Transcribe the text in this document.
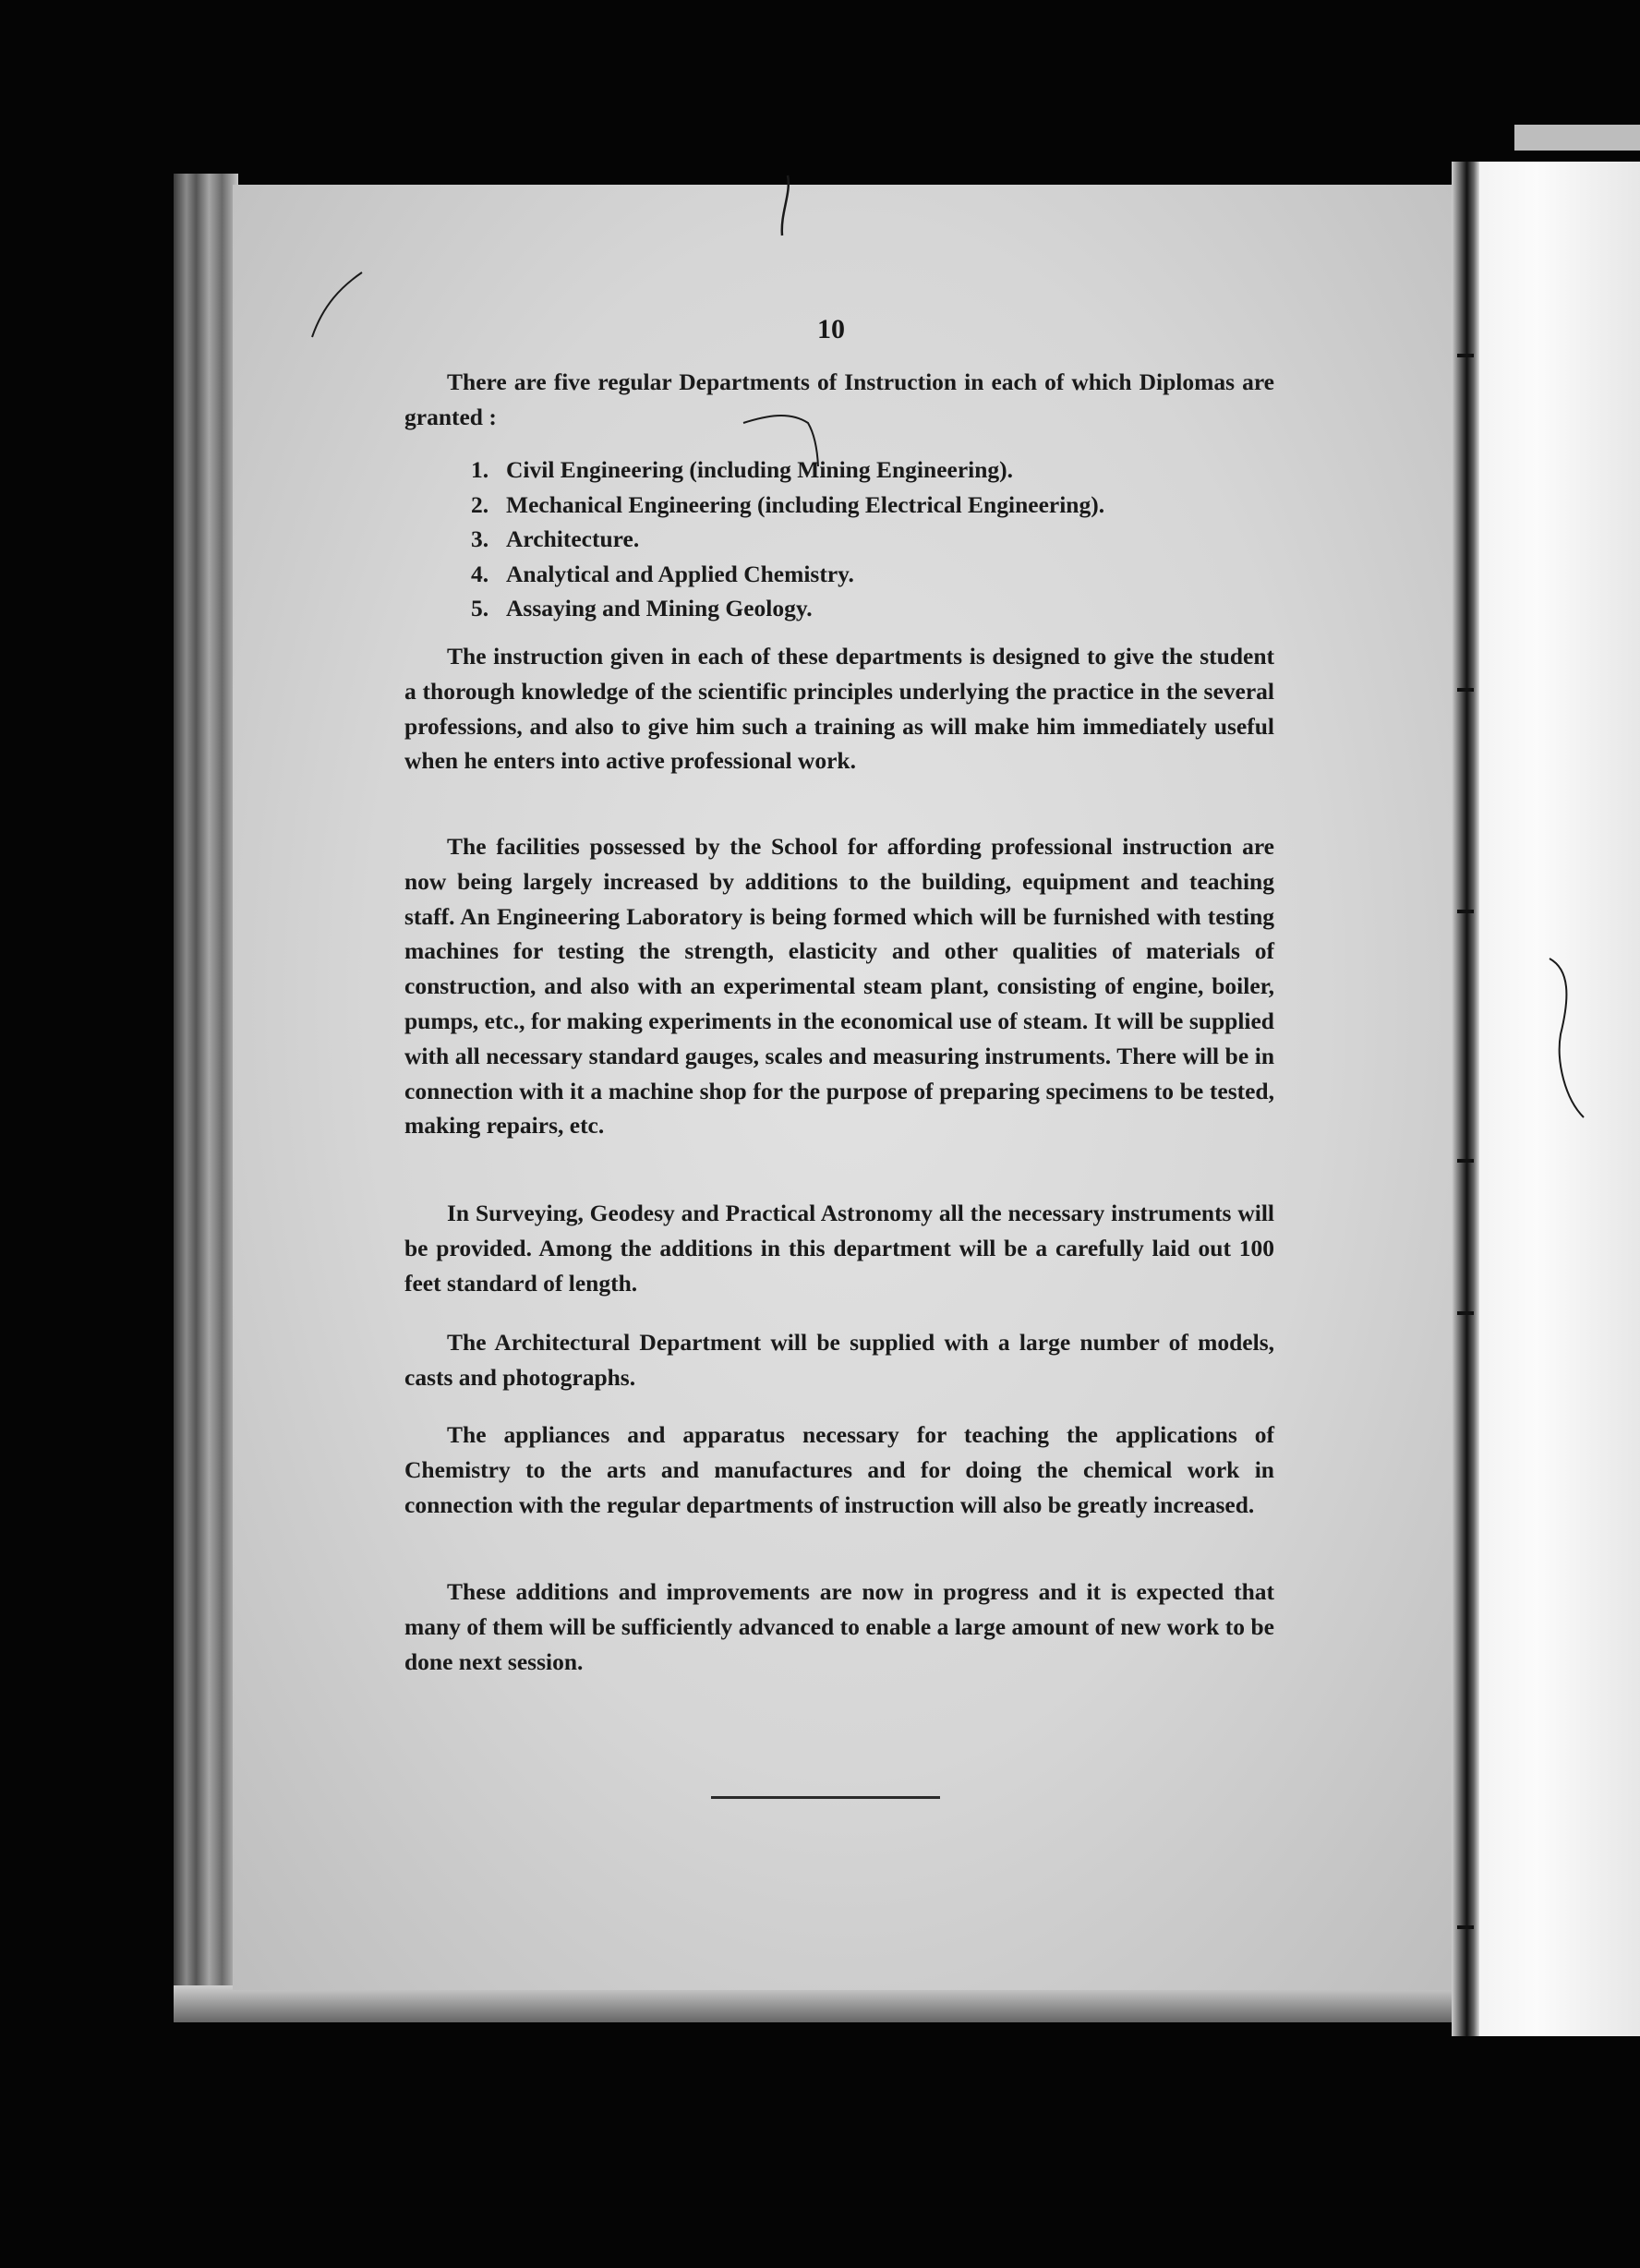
10

There are five regular Departments of Instruction in each of which Diplomas are granted :

1. Civil Engineering (including Mining Engineering).
2. Mechanical Engineering (including Electrical Engineering).
3. Architecture.
4. Analytical and Applied Chemistry.
5. Assaying and Mining Geology.

The instruction given in each of these departments is designed to give the student a thorough knowledge of the scientific principles underlying the practice in the several professions, and also to give him such a training as will make him immediately useful when he enters into active professional work.

The facilities possessed by the School for affording professional instruction are now being largely increased by additions to the building, equipment and teaching staff. An Engineering Laboratory is being formed which will be furnished with testing machines for testing the strength, elasticity and other qualities of materials of construction, and also with an experimental steam plant, consisting of engine, boiler, pumps, etc., for making experiments in the economical use of steam. It will be supplied with all necessary standard gauges, scales and measuring instruments. There will be in connection with it a machine shop for the purpose of preparing specimens to be tested, making repairs, etc.

In Surveying, Geodesy and Practical Astronomy all the necessary instruments will be provided. Among the additions in this department will be a carefully laid out 100 feet standard of length.

The Architectural Department will be supplied with a large number of models, casts and photographs.

The appliances and apparatus necessary for teaching the applications of Chemistry to the arts and manufactures and for doing the chemical work in connection with the regular departments of instruction will also be greatly increased.

These additions and improvements are now in progress and it is expected that many of them will be sufficiently advanced to enable a large amount of new work to be done next session.
